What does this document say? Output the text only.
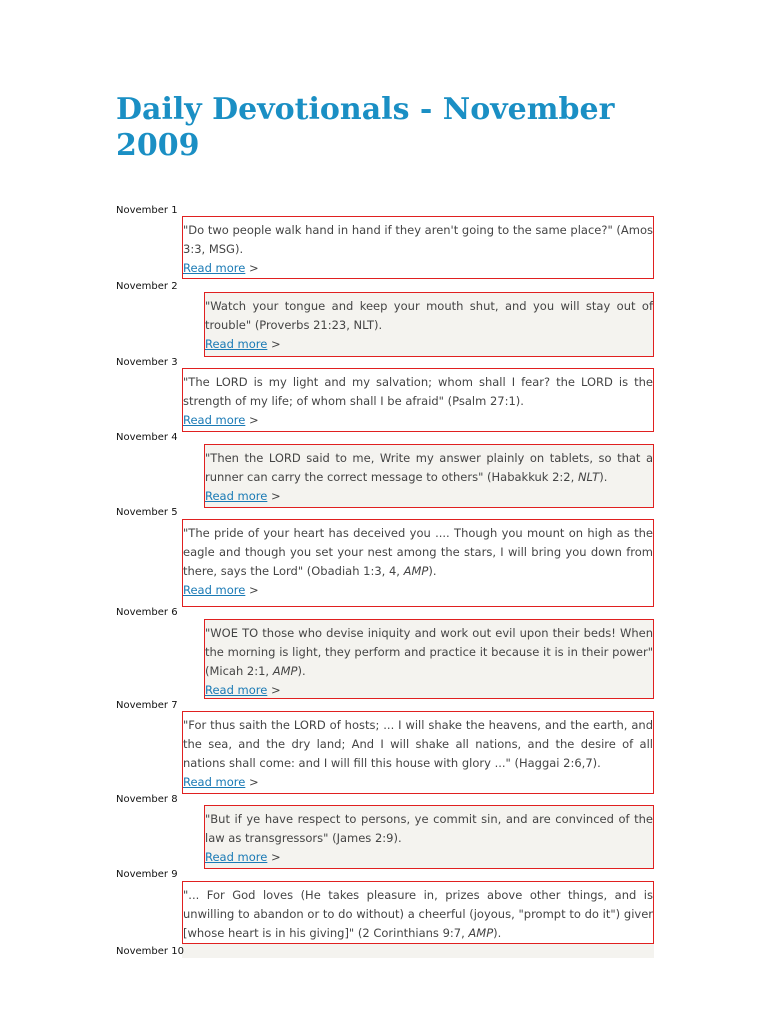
Daily Devotionals - November 2009
November 1
"Do two people walk hand in hand if they aren't going to the same place?" (Amos 3:3, MSG).
Read more >
November 2
"Watch your tongue and keep your mouth shut, and you will stay out of trouble" (Proverbs 21:23, NLT).
Read more >
November 3
"The LORD is my light and my salvation; whom shall I fear? the LORD is the strength of my life; of whom shall I be afraid" (Psalm 27:1).
Read more >
November 4
"Then the LORD said to me, Write my answer plainly on tablets, so that a runner can carry the correct message to others" (Habakkuk 2:2, NLT).
Read more >
November 5
"The pride of your heart has deceived you .... Though you mount on high as the eagle and though you set your nest among the stars, I will bring you down from there, says the Lord" (Obadiah 1:3, 4, AMP).
Read more >
November 6
"WOE TO those who devise iniquity and work out evil upon their beds! When the morning is light, they perform and practice it because it is in their power" (Micah 2:1, AMP).
Read more >
November 7
"For thus saith the LORD of hosts; ... I will shake the heavens, and the earth, and the sea, and the dry land; And I will shake all nations, and the desire of all nations shall come: and I will fill this house with glory ..." (Haggai 2:6,7).
Read more >
November 8
"But if ye have respect to persons, ye commit sin, and are convinced of the law as transgressors" (James 2:9).
Read more >
November 9
"... For God loves (He takes pleasure in, prizes above other things, and is unwilling to abandon or to do without) a cheerful (joyous, "prompt to do it") giver [whose heart is in his giving]" (2 Corinthians 9:7, AMP).
November 10
